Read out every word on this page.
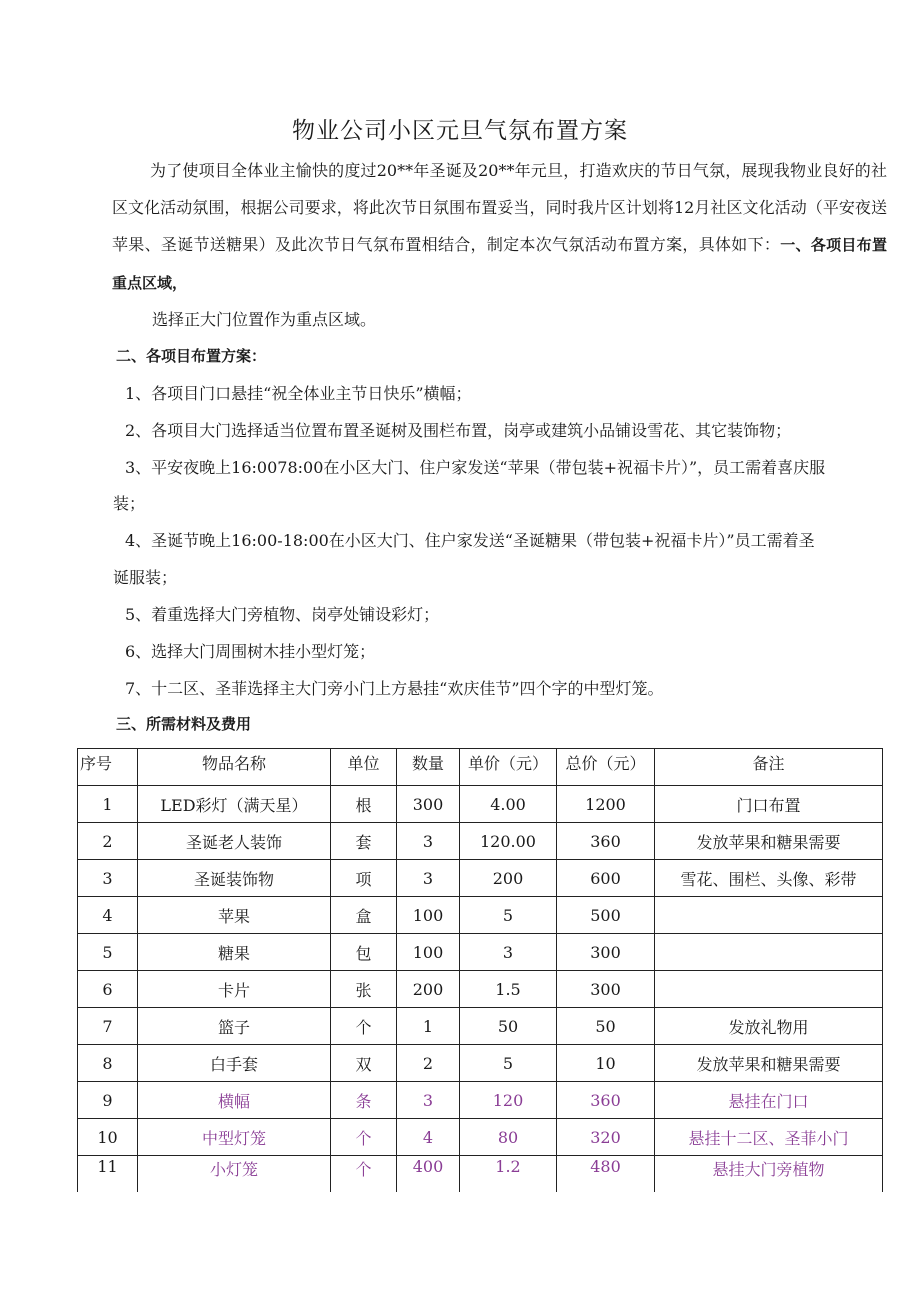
物业公司小区元旦气氛布置方案
为了使项目全体业主愉快的度过20**年圣诞及20**年元旦，打造欢庆的节日气氛，展现我物业良好的社区文化活动氛围，根据公司要求，将此次节日氛围布置妥当，同时我片区计划将12月社区文化活动（平安夜送苹果、圣诞节送糖果）及此次节日气氛布置相结合，制定本次气氛活动布置方案，具体如下：一、各项目布置重点区域，
选择正大门位置作为重点区域。
二、各项目布置方案：
1、各项目门口悬挂“祝全体业主节日快乐”横幅；
2、各项目大门选择适当位置布置圣诞树及围栏布置，岗亭或建筑小品铺设雪花、其它装饰物；
3、平安夜晚上16:0078:00在小区大门、住户家发送“苹果（带包装+祝福卡片）”，员工需着喜庆服
装；
4、圣诞节晚上16:00-18:00在小区大门、住户家发送“圣诞糖果（带包装+祝福卡片）”员工需着圣
诞服装；
5、着重选择大门旁植物、岗亭处铺设彩灯；
6、选择大门周围树木挂小型灯笼；
7、十二区、圣菲选择主大门旁小门上方悬挂“欢庆佳节”四个字的中型灯笼。
三、所需材料及费用
序号	物品名称	单位	数量	单价（元）	总价（元）	备注
1	LED彩灯（满天星）	根	300	4.00	1200	门口布置
2	圣诞老人装饰	套	3	120.00	360	发放苹果和糖果需要
3	圣诞装饰物	项	3	200	600	雪花、围栏、头像、彩带
4	苹果	盒	100	5	500	
5	糖果	包	100	3	300	
6	卡片	张	200	1.5	300	
7	篮子	个	1	50	50	发放礼物用
8	白手套	双	2	5	10	发放苹果和糖果需要
9	横幅	条	3	120	360	悬挂在门口
10	中型灯笼	个	4	80	320	悬挂十二区、圣菲小门
11	小灯笼	个	400	1.2	480	悬挂大门旁植物
